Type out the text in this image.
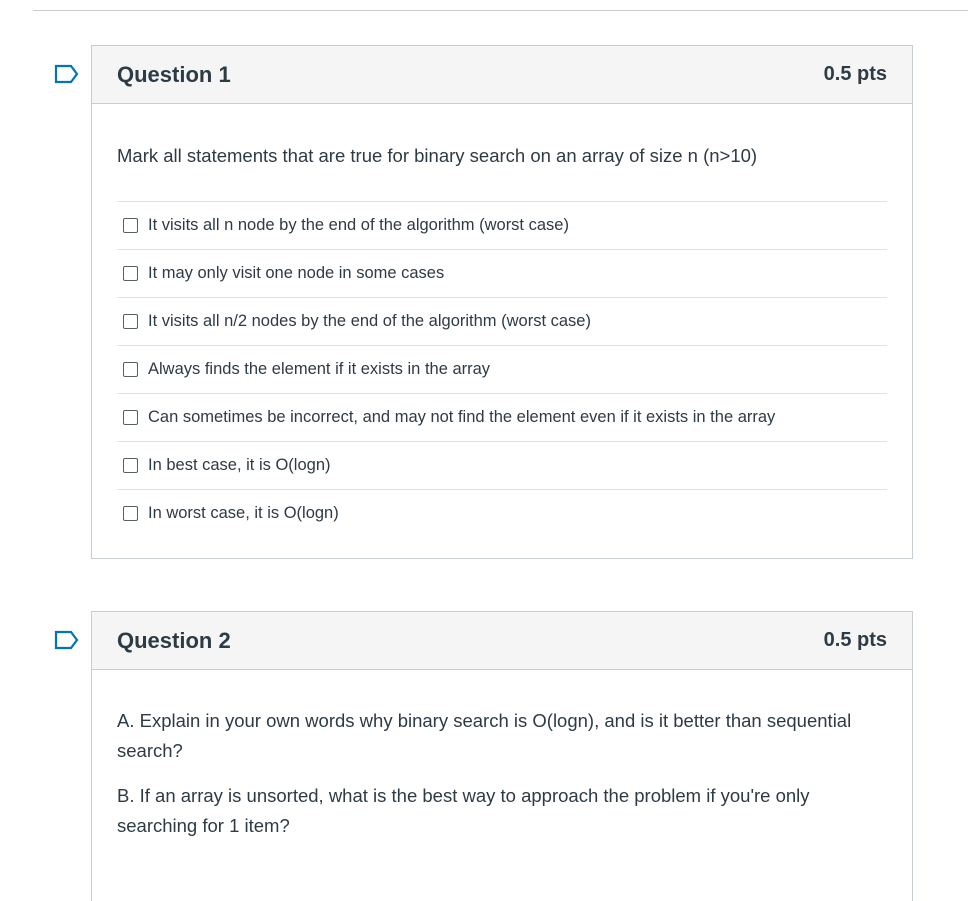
Question 1	0.5 pts

Mark all statements that are true for binary search on an array of size n (n>10)

It visits all n node by the end of the algorithm (worst case)
It may only visit one node in some cases
It visits all n/2 nodes by the end of the algorithm (worst case)
Always finds the element if it exists in the array
Can sometimes be incorrect, and may not find the element even if it exists in the array
In best case, it is O(logn)
In worst case, it is O(logn)
Question 2	0.5 pts

A. Explain in your own words why binary search is O(logn), and is it better than sequential search?

B. If an array is unsorted, what is the best way to approach the problem if you're only searching for 1 item?
